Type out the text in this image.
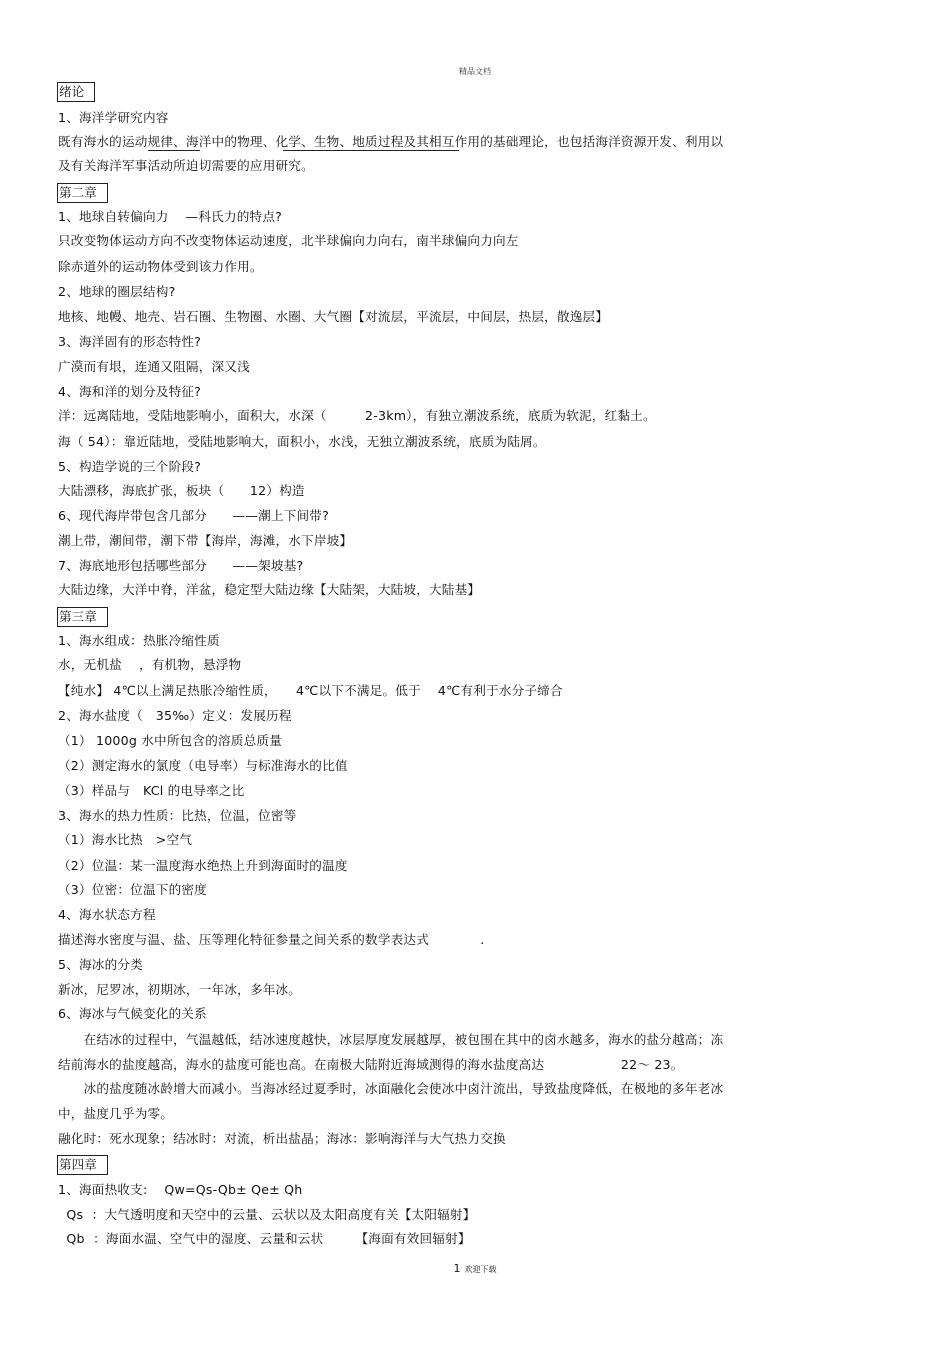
精品文档
绪论
1、海洋学研究内容
既有海水的运动规律、海洋中的物理、化学、生物、地质过程及其相互作用的基础理论，也包括海洋资源开发、利用以
及有关海洋军事活动所迫切需要的应用研究。
第二章
1、地球自转偏向力　 —科氏力的特点?
只改变物体运动方向不改变物体运动速度，北半球偏向力向右，南半球偏向力向左
除赤道外的运动物体受到该力作用。
2、地球的圈层结构?
地核、地幔、地壳、岩石圈、生物圈、水圈、大气圈【对流层，平流层，中间层，热层，散逸层】
3、海洋固有的形态特性?
广漠而有垠，连通又阻隔，深又浅
4、海和洋的划分及特征?
洋：远离陆地，受陆地影响小，面积大，水深（　　　2-3km），有独立潮波系统，底质为软泥，红黏土。
海（ 54）：靠近陆地，受陆地影响大，面积小，水浅，无独立潮波系统，底质为陆屑。
5、构造学说的三个阶段?
大陆漂移，海底扩张，板块（　　12）构造
6、现代海岸带包含几部分　　——潮上下间带?
潮上带，潮间带，潮下带【海岸，海滩，水下岸坡】
7、海底地形包括哪些部分　　——架坡基?
大陆边缘，大洋中脊，洋盆，稳定型大陆边缘【大陆架，大陆坡，大陆基】
第三章
1、海水组成：热胀冷缩性质
水，无机盐　 ，有机物，悬浮物
【纯水】 4℃以上满足热胀冷缩性质，　　4℃以下不满足。低于　 4℃有利于水分子缔合
2、海水盐度（　35‰）定义：发展历程
（1） 1000g 水中所包含的溶质总质量
（2）测定海水的氯度（电导率）与标准海水的比值
（3）样品与　KCl 的电导率之比
3、海水的热力性质：比热，位温，位密等
（1）海水比热　>空气
（2）位温：某一温度海水绝热上升到海面时的温度
（3）位密：位温下的密度
4、海水状态方程
描述海水密度与温、盐、压等理化特征参量之间关系的数学表达式　　　　.
5、海冰的分类
新冰，尼罗冰，初期冰，一年冰，多年冰。
6、海冰与气候变化的关系
　　在结冰的过程中，气温越低，结冰速度越快，冰层厚度发展越厚，被包围在其中的卤水越多，海水的盐分越高；冻
结前海水的盐度越高，海水的盐度可能也高。在南极大陆附近海域测得的海水盐度高达　　　　　　22～ 23。
　　冰的盐度随冰龄增大而减小。当海冰经过夏季时，冰面融化会使冰中卤汁流出，导致盐度降低，在极地的多年老冰
中，盐度几乎为零。
融化时：死水现象；结冰时：对流，析出盐晶；海冰：影响海洋与大气热力交换
第四章
1、海面热收支:　 Qw=Qs-Qb± Qe± Qh
Qs  ：大气透明度和天空中的云量、云状以及太阳高度有关【太阳辐射】
Qb  ：海面水温、空气中的湿度、云量和云状　　　【海面有效回辐射】
1 欢迎下载
